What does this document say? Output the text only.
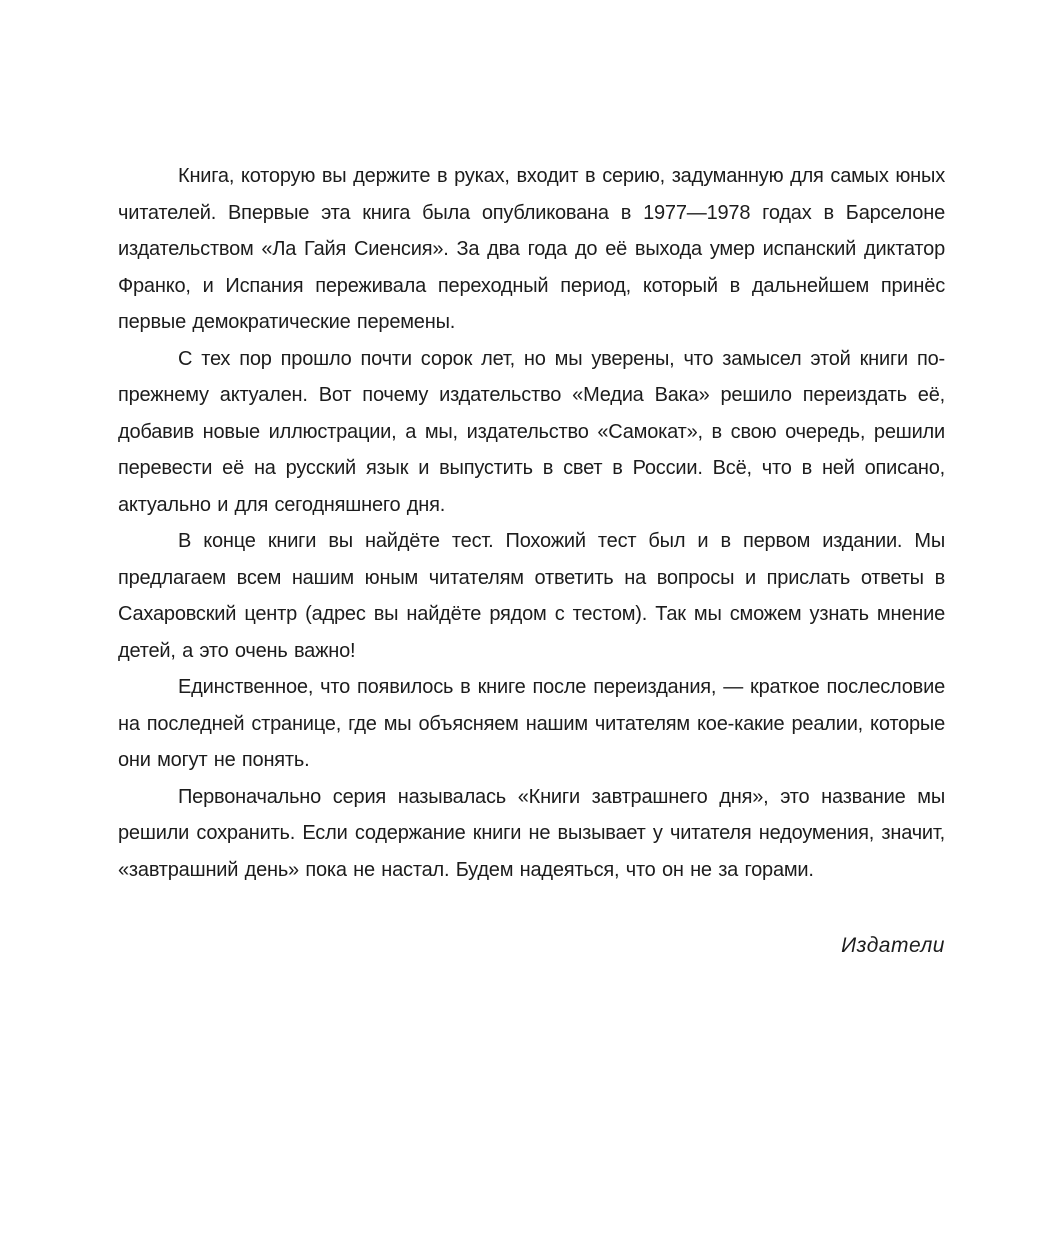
Книга, которую вы держите в руках, входит в серию, задуманную для самых юных читателей. Впервые эта книга была опубликована в 1977—1978 годах в Барселоне издательством «Ла Гайя Сиенсия». За два года до её выхода умер испанский диктатор Франко, и Испания переживала переходный период, который в дальнейшем принёс первые демократические перемены.

С тех пор прошло почти сорок лет, но мы уверены, что замысел этой книги по-прежнему актуален. Вот почему издательство «Медиа Вака» решило переиздать её, добавив новые иллюстрации, а мы, издательство «Самокат», в свою очередь, решили перевести её на русский язык и выпустить в свет в России. Всё, что в ней описано, актуально и для сегодняшнего дня.

В конце книги вы найдёте тест. Похожий тест был и в первом издании. Мы предлагаем всем нашим юным читателям ответить на вопросы и прислать ответы в Сахаровский центр (адрес вы найдёте рядом с тестом). Так мы сможем узнать мнение детей, а это очень важно!

Единственное, что появилось в книге после переиздания, — краткое послесловие на последней странице, где мы объясняем нашим читателям кое-какие реалии, которые они могут не понять.

Первоначально серия называлась «Книги завтрашнего дня», это название мы решили сохранить. Если содержание книги не вызывает у читателя недоумения, значит, «завтрашний день» пока не настал. Будем надеяться, что он не за горами.

Издатели
